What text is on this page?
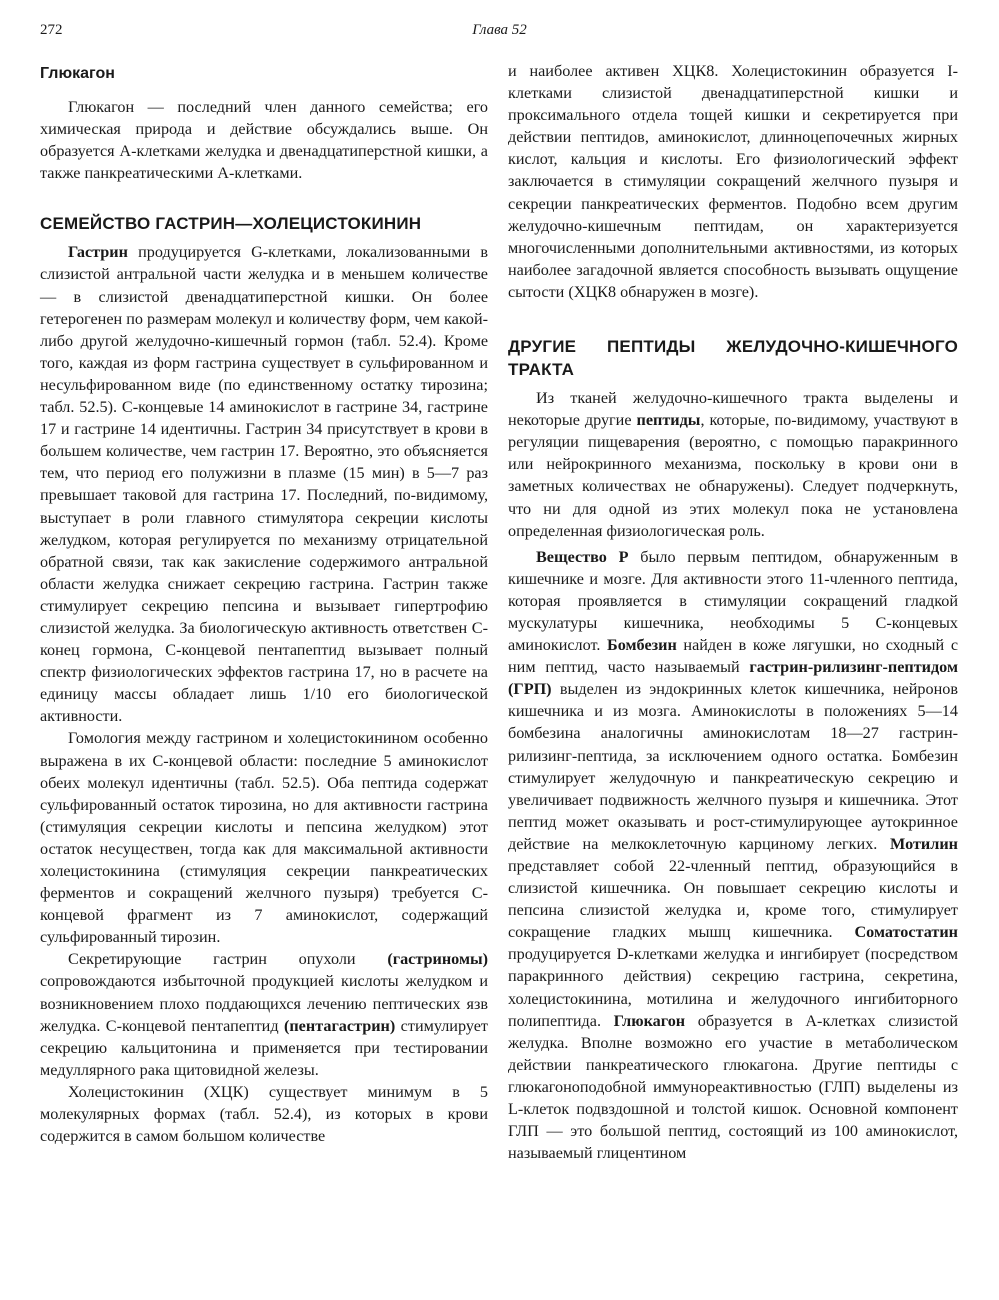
272	Глава 52
Глюкагон

Глюкагон — последний член данного семейства; его химическая природа и действие обсуждались выше. Он образуется А-клетками желудка и двенадцатиперстной кишки, а также панкреатическими А-клетками.

СЕМЕЙСТВО ГАСТРИН—ХОЛЕЦИСТОКИНИН

Гастрин продуцируется G-клетками, локализованными в слизистой антральной части желудка и в меньшем количестве — в слизистой двенадцатиперстной кишки. Он более гетерогенен по размерам молекул и количеству форм, чем какой-либо другой желудочно-кишечный гормон (табл. 52.4). Кроме того, каждая из форм гастрина существует в сульфированном и несульфированном виде (по единственному остатку тирозина; табл. 52.5). С-концевые 14 аминокислот в гастрине 34, гастрине 17 и гастрине 14 идентичны. Гастрин 34 присутствует в крови в большем количестве, чем гастрин 17. Вероятно, это объясняется тем, что период его полужизни в плазме (15 мин) в 5—7 раз превышает таковой для гастрина 17. Последний, по-видимому, выступает в роли главного стимулятора секреции кислоты желудком, которая регулируется по механизму отрицательной обратной связи, так как закисление содержимого антральной области желудка снижает секрецию гастрина. Гастрин также стимулирует секрецию пепсина и вызывает гипертрофию слизистой желудка. За биологическую активность ответствен С-конец гормона, С-концевой пентапептид вызывает полный спектр физиологических эффектов гастрина 17, но в расчете на единицу массы обладает лишь 1/10 его биологической активности.

Гомология между гастрином и холецистокинином особенно выражена в их С-концевой области: последние 5 аминокислот обеих молекул идентичны (табл. 52.5). Оба пептида содержат сульфированный остаток тирозина, но для активности гастрина (стимуляция секреции кислоты и пепсина желудком) этот остаток несуществен, тогда как для максимальной активности холецистокинина (стимуляция секреции панкреатических ферментов и сокращений желчного пузыря) требуется С-концевой фрагмент из 7 аминокислот, содержащий сульфированный тирозин.

Секретирующие гастрин опухоли (гастриномы) сопровождаются избыточной продукцией кислоты желудком и возникновением плохо поддающихся лечению пептических язв желудка. С-концевой пентапептид (пентагастрин) стимулирует секрецию кальцитонина и применяется при тестировании медуллярного рака щитовидной железы.

Холецистокинин (ХЦК) существует минимум в 5 молекулярных формах (табл. 52.4), из которых в крови содержится в самом большом количестве

и наиболее активен ХЦК8. Холецистокинин образуется I-клетками слизистой двенадцатиперстной кишки и проксимального отдела тощей кишки и секретируется при действии пептидов, аминокислот, длинноцепочечных жирных кислот, кальция и кислоты. Его физиологический эффект заключается в стимуляции сокращений желчного пузыря и секреции панкреатических ферментов. Подобно всем другим желудочно-кишечным пептидам, он характеризуется многочисленными дополнительными активностями, из которых наиболее загадочной является способность вызывать ощущение сытости (ХЦК8 обнаружен в мозге).

ДРУГИЕ ПЕПТИДЫ ЖЕЛУДОЧНО-КИШЕЧНОГО ТРАКТА

Из тканей желудочно-кишечного тракта выделены и некоторые другие пептиды, которые, по-видимому, участвуют в регуляции пищеварения (вероятно, с помощью паракринного или нейрокринного механизма, поскольку в крови они в заметных количествах не обнаружены). Следует подчеркнуть, что ни для одной из этих молекул пока не установлена определенная физиологическая роль.

Вещество Р было первым пептидом, обнаруженным в кишечнике и мозге. Для активности этого 11-членного пептида, которая проявляется в стимуляции сокращений гладкой мускулатуры кишечника, необходимы 5 С-концевых аминокислот. Бомбезин найден в коже лягушки, но сходный с ним пептид, часто называемый гастрин-рилизинг-пептидом (ГРП) выделен из эндокринных клеток кишечника, нейронов кишечника и из мозга. Аминокислоты в положениях 5—14 бомбезина аналогичны аминокислотам 18—27 гастрин-рилизинг-пептида, за исключением одного остатка. Бомбезин стимулирует желудочную и панкреатическую секрецию и увеличивает подвижность желчного пузыря и кишечника. Этот пептид может оказывать и рост-стимулирующее аутокринное действие на мелкоклеточную карциному легких. Мотилин представляет собой 22-членный пептид, образующийся в слизистой кишечника. Он повышает секрецию кислоты и пепсина слизистой желудка и, кроме того, стимулирует сокращение гладких мышц кишечника. Соматостатин продуцируется D-клетками желудка и ингибирует (посредством паракринного действия) секрецию гастрина, секретина, холецистокинина, мотилина и желудочного ингибиторного полипептида. Глюкагон образуется в А-клетках слизистой желудка. Вполне возможно его участие в метаболическом действии панкреатического глюкагона. Другие пептиды с глюкагоноподобной иммунореактивностью (ГЛП) выделены из L-клеток подвздошной и толстой кишок. Основной компонент ГЛП — это большой пептид, состоящий из 100 аминокислот, называемый глицентином
